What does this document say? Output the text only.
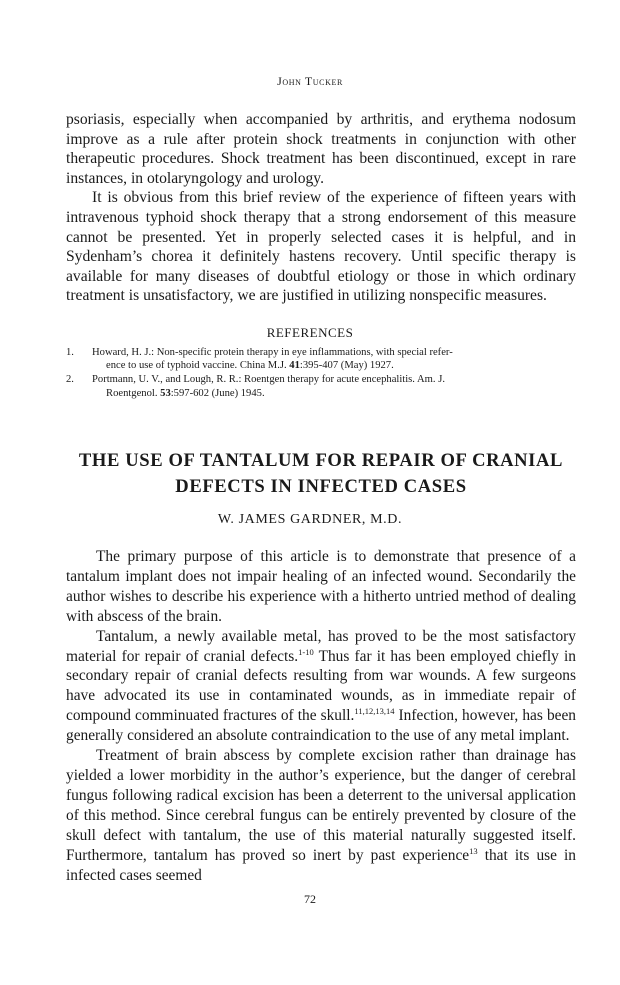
John Tucker

psoriasis, especially when accompanied by arthritis, and erythema nodosum improve as a rule after protein shock treatments in conjunction with other therapeutic procedures. Shock treatment has been discontinued, except in rare instances, in otolaryngology and urology.

It is obvious from this brief review of the experience of fifteen years with intravenous typhoid shock therapy that a strong endorsement of this measure cannot be presented. Yet in properly selected cases it is helpful, and in Sydenham’s chorea it definitely hastens recovery. Until specific therapy is available for many diseases of doubtful etiology or those in which ordinary treatment is unsatisfactory, we are justified in utilizing nonspecific measures.

REFERENCES
1.	Howard, H. J.: Non-specific protein therapy in eye inflammations, with special refer-
ence to use of typhoid vaccine. China M.J. 41:395-407 (May) 1927.
2.	Portmann, U. V., and Lough, R. R.: Roentgen therapy for acute encephalitis. Am. J.
Roentgenol. 53:597-602 (June) 1945.
THE USE OF TANTALUM FOR REPAIR OF CRANIAL
DEFECTS IN INFECTED CASES
W. JAMES GARDNER, M.D.

The primary purpose of this article is to demonstrate that presence of a tantalum implant does not impair healing of an infected wound. Secondarily the author wishes to describe his experience with a hitherto untried method of dealing with abscess of the brain.

Tantalum, a newly available metal, has proved to be the most satisfactory material for repair of cranial defects.$^{1-10}$ Thus far it has been employed chiefly in secondary repair of cranial defects resulting from war wounds. A few surgeons have advocated its use in contaminated wounds, as in immediate repair of compound comminuated fractures of the skull.$^{11,12,13,14}$ Infection, however, has been generally considered an absolute contraindication to the use of any metal implant.

Treatment of brain abscess by complete excision rather than drainage has yielded a lower morbidity in the author’s experience, but the danger of cerebral fungus following radical excision has been a deterrent to the universal application of this method. Since cerebral fungus can be entirely prevented by closure of the skull defect with tantalum, the use of this material naturally suggested itself. Furthermore, tantalum has proved so inert by past experience$^{13}$ that its use in infected cases seemed

72
